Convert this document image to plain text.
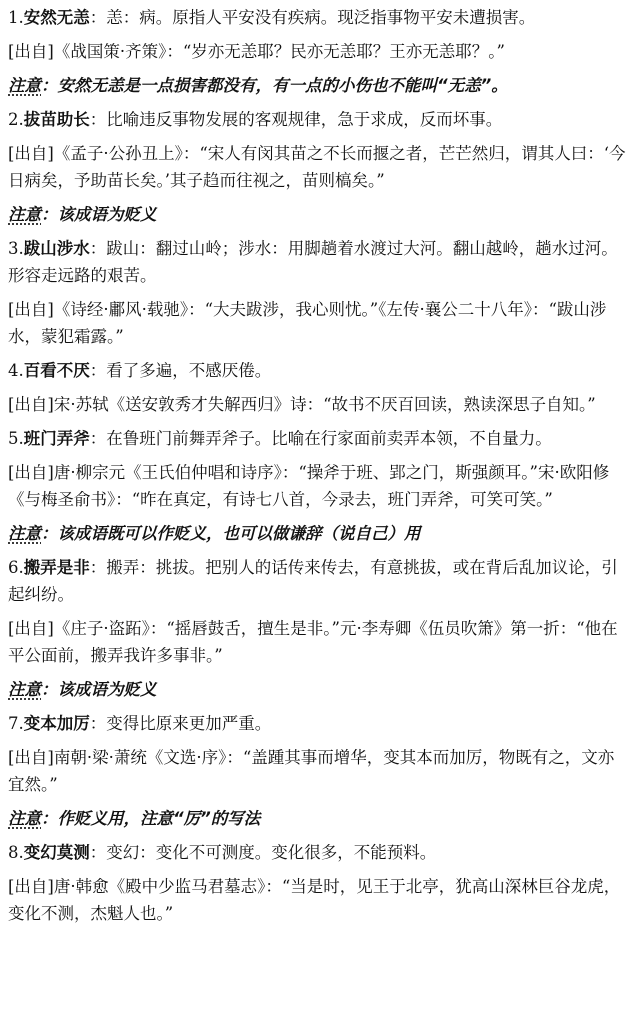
1.安然无恙：恙：病。原指人平安没有疾病。现泛指事物平安未遭损害。
[出自]《战国策·齐策》：“岁亦无恙耶？民亦无恙耶？王亦无恙耶？。”
注意：安然无恙是一点损害都没有，有一点的小伤也不能叫“无恙”。
2.拔苗助长：比喻违反事物发展的客观规律，急于求成，反而坏事。
[出自]《孟子·公孙丑上》：“宋人有闵其苗之不长而揠之者，芒芒然归，谓其人曰：‘今日病矣，予助苗长矣。’其子趋而往视之，苗则槁矣。”
注意：该成语为贬义
3.跋山涉水：跋山：翻过山岭；涉水：用脚趟着水渡过大河。翻山越岭，趟水过河。形容走远路的艰苦。
[出自]《诗经·鄘风·载驰》：“大夫跋涉，我心则忧。”《左传·襄公二十八年》：“跋山涉水，蒙犯霜露。”
4.百看不厌：看了多遍，不感厌倦。
[出自]宋·苏轼《送安敦秀才失解西归》诗：“故书不厌百回读，熟读深思子自知。”
5.班门弄斧：在鲁班门前舞弄斧子。比喻在行家面前卖弄本领，不自量力。
[出自]唐·柳宗元《王氏伯仲唱和诗序》：“操斧于班、郢之门，斯强颜耳。”宋·欧阳修《与梅圣俞书》：“昨在真定，有诗七八首，今录去，班门弄斧，可笑可笑。”
注意：该成语既可以作贬义，也可以做谦辞（说自己）用
6.搬弄是非：搬弄：挑拔。把别人的话传来传去，有意挑拔，或在背后乱加议论，引起纠纷。
[出自]《庄子·盗跖》：“摇唇鼓舌，擅生是非。”元·李寿卿《伍员吹箫》第一折：“他在平公面前，搬弄我许多事非。”
注意：该成语为贬义
7.变本加厉：变得比原来更加严重。
[出自]南朝·梁·萧统《文选·序》：“盖踵其事而增华，变其本而加厉，物既有之，文亦宜然。”
注意：作贬义用，注意“厉”的写法
8.变幻莫测：变幻：变化不可测度。变化很多，不能预料。
[出自]唐·韩愈《殿中少监马君墓志》：“当是时，见王于北亭，犹高山深林巨谷龙虎，变化不测，杰魁人也。”
